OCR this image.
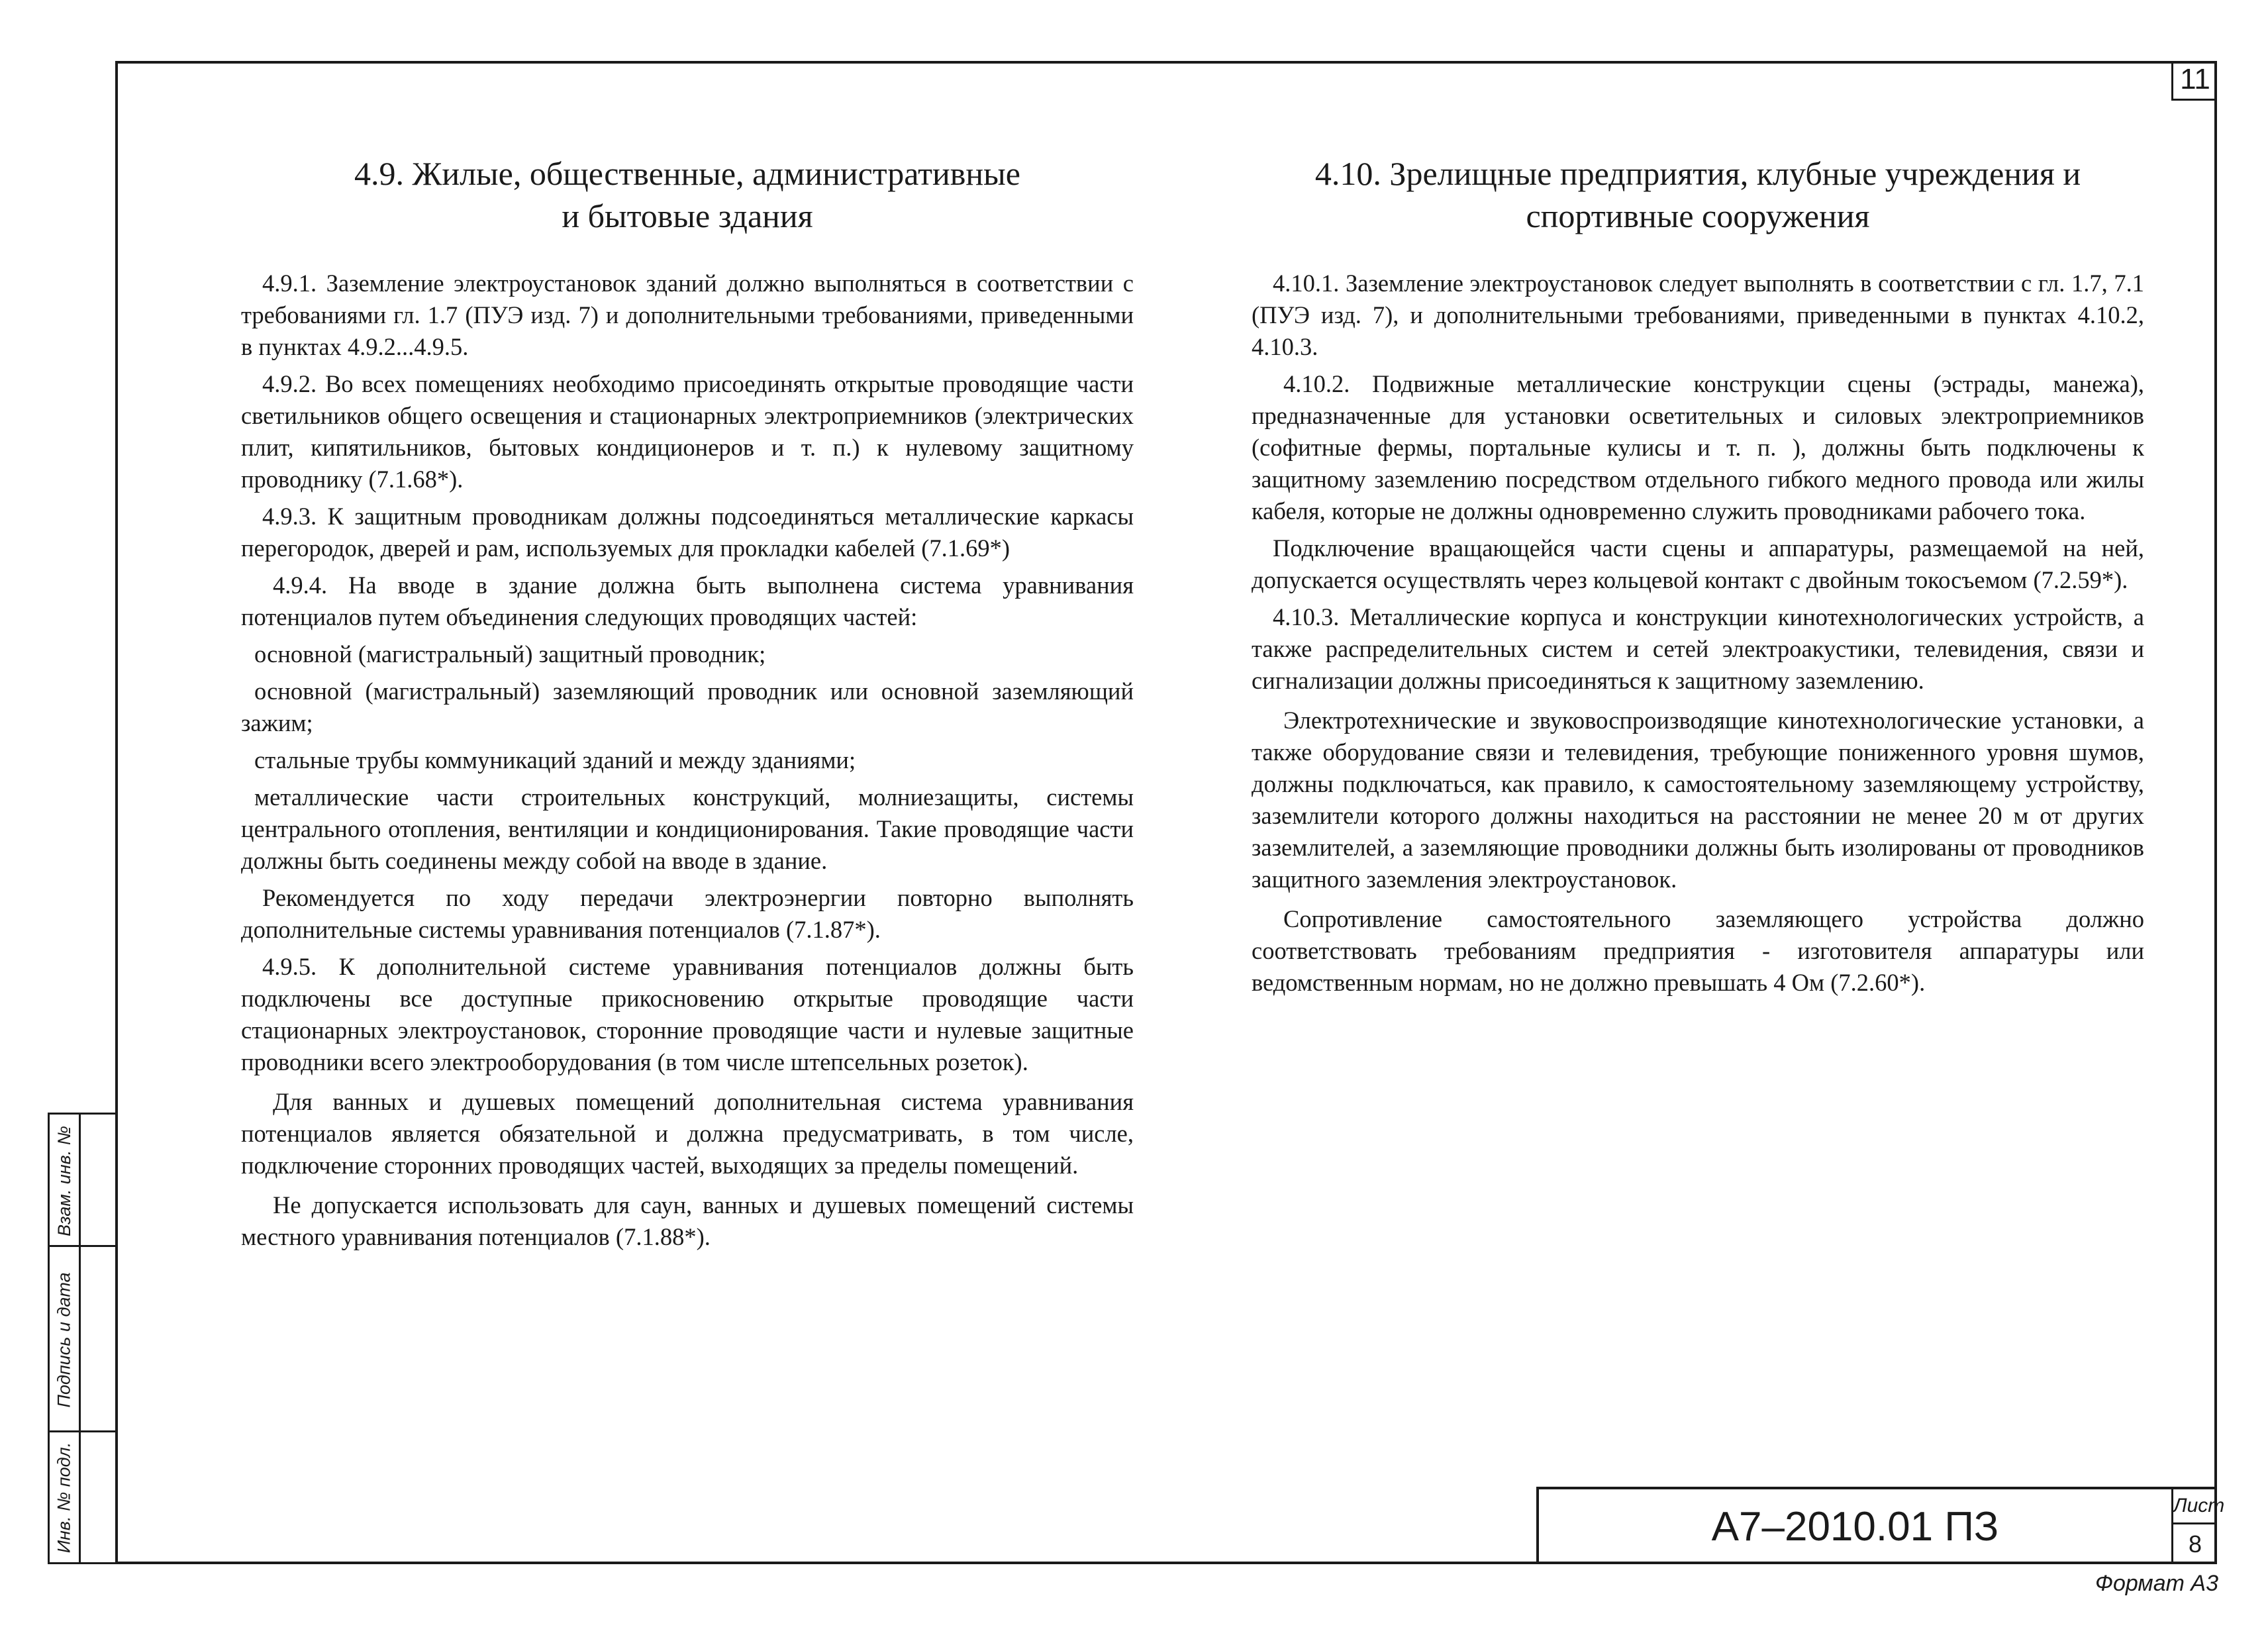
11
4.9. Жилые, общественные, административные
и бытовые здания

4.9.1. Заземление электроустановок зданий должно выполняться в соответствии с требованиями гл. 1.7 (ПУЭ изд. 7) и дополнительными требованиями, приведенными в пунктах 4.9.2...4.9.5.

4.9.2. Во всех помещениях необходимо присоединять открытые проводящие части светильников общего освещения и стационарных электроприемников (электрических плит, кипятильников, бытовых кондиционеров и т. п.) к нулевому защитному проводнику (7.1.68*).

4.9.3. К защитным проводникам должны подсоединяться металлические каркасы перегородок, дверей и рам, используемых для прокладки кабелей (7.1.69*)

4.9.4. На вводе в здание должна быть выполнена система уравнивания потенциалов путем объединения следующих проводящих частей:

основной (магистральный) защитный проводник;

основной (магистральный) заземляющий проводник или основной заземляющий зажим;

стальные трубы коммуникаций зданий и между зданиями;

металлические части строительных конструкций, молниезащиты, системы центрального отопления, вентиляции и кондиционирования. Такие проводящие части должны быть соединены между собой на вводе в здание.

Рекомендуется по ходу передачи электроэнергии повторно выполнять дополнительные системы уравнивания потенциалов (7.1.87*).

4.9.5. К дополнительной системе уравнивания потенциалов должны быть подключены все доступные прикосновению открытые проводящие части стационарных электроустановок, сторонние проводящие части и нулевые защитные проводники всего электрооборудования (в том числе штепсельных розеток).

Для ванных и душевых помещений дополнительная система уравнивания потенциалов является обязательной и должна предусматривать, в том числе, подключение сторонних проводящих частей, выходящих за пределы помещений.

Не допускается использовать для саун, ванных и душевых помещений системы местного уравнивания потенциалов (7.1.88*).

4.10. Зрелищные предприятия, клубные учреждения и
спортивные сооружения

4.10.1. Заземление электроустановок следует выполнять в соответствии с гл. 1.7, 7.1 (ПУЭ изд. 7), и дополнительными требованиями, приведенными в пунктах 4.10.2, 4.10.3.

4.10.2. Подвижные металлические конструкции сцены (эстрады, манежа), предназначенные для установки осветительных и силовых электроприемников (софитные фермы, портальные кулисы и т. п. ), должны быть подключены к защитному заземлению посредством отдельного гибкого медного провода или жилы кабеля, которые не должны одновременно служить проводниками рабочего тока.

Подключение вращающейся части сцены и аппаратуры, размещаемой на ней, допускается осуществлять через кольцевой контакт с двойным токосъемом (7.2.59*).

4.10.3. Металлические корпуса и конструкции кинотехнологических устройств, а также распределительных систем и сетей электроакустики, телевидения, связи и сигнализации должны присоединяться к защитному заземлению.

Электротехнические и звуковоспроизводящие кинотехнологические установки, а также оборудование связи и телевидения, требующие пониженного уровня шумов, должны подключаться, как правило, к самостоятельному заземляющему устройству, заземлители которого должны находиться на расстоянии не менее 20 м от других заземлителей, а заземляющие проводники должны быть изолированы от проводников защитного заземления электроустановок.

Сопротивление самостоятельного заземляющего устройства должно соответствовать требованиям предприятия - изготовителя аппаратуры или ведомственным нормам, но не должно превышать 4 Ом (7.2.60*).

Взам. инв. №
Подпись и дата
Инв. № подл.	А7–2010.01 ПЗ	Лист
8
Формат A3
